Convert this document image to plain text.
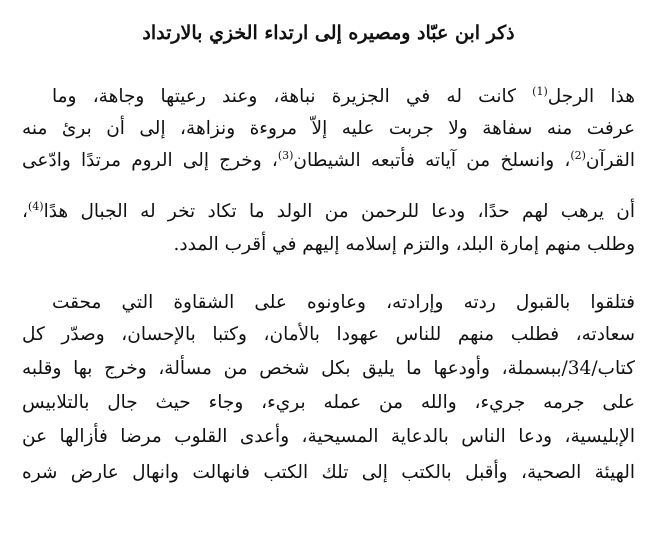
ذكر ابن عبّاد ومصيره إلى ارتداء الخزي بالارتداد
هذا الرجل$^{(1)}$ كانت له في الجزيرة نباهة، وعند رعيتها وجاهة، وما
عرفت منه سفاهة ولا جربت عليه إلاّ مروءة ونزاهة، إلى أن برئ منه
القرآن$^{(2)}$، وانسلخ من آياته فأتبعه الشيطان$^{(3)}$، وخرج إلى الروم مرتدًا وادّعى
أن يرهب لهم حدًا، ودعا للرحمن من الولد ما تكاد تخر له الجبال هدًا$^{(4)}$،
وطلب منهم إمارة البلد، والتزم إسلامه إليهم في أقرب المدد.
فتلقوا بالقبول ردته وإرادته، وعاونوه على الشقاوة التي محقت
سعادته، فطلب منهم للناس عهودا بالأمان، وكتبا بالإحسان، وصدّر كل
كتاب/34/ببسملة، وأودعها ما يليق بكل شخص من مسألة، وخرج بها وقلبه
على جرمه جريء، والله من عمله بريء، وجاء حيث جال بالتلابيس
الإبليسية، ودعا الناس بالدعاية المسيحية، وأعدى القلوب مرضا فأزالها عن
الهيئة الصحية، وأقبل بالكتب إلى تلك الكتب فانهالت وانهال عارض شره
